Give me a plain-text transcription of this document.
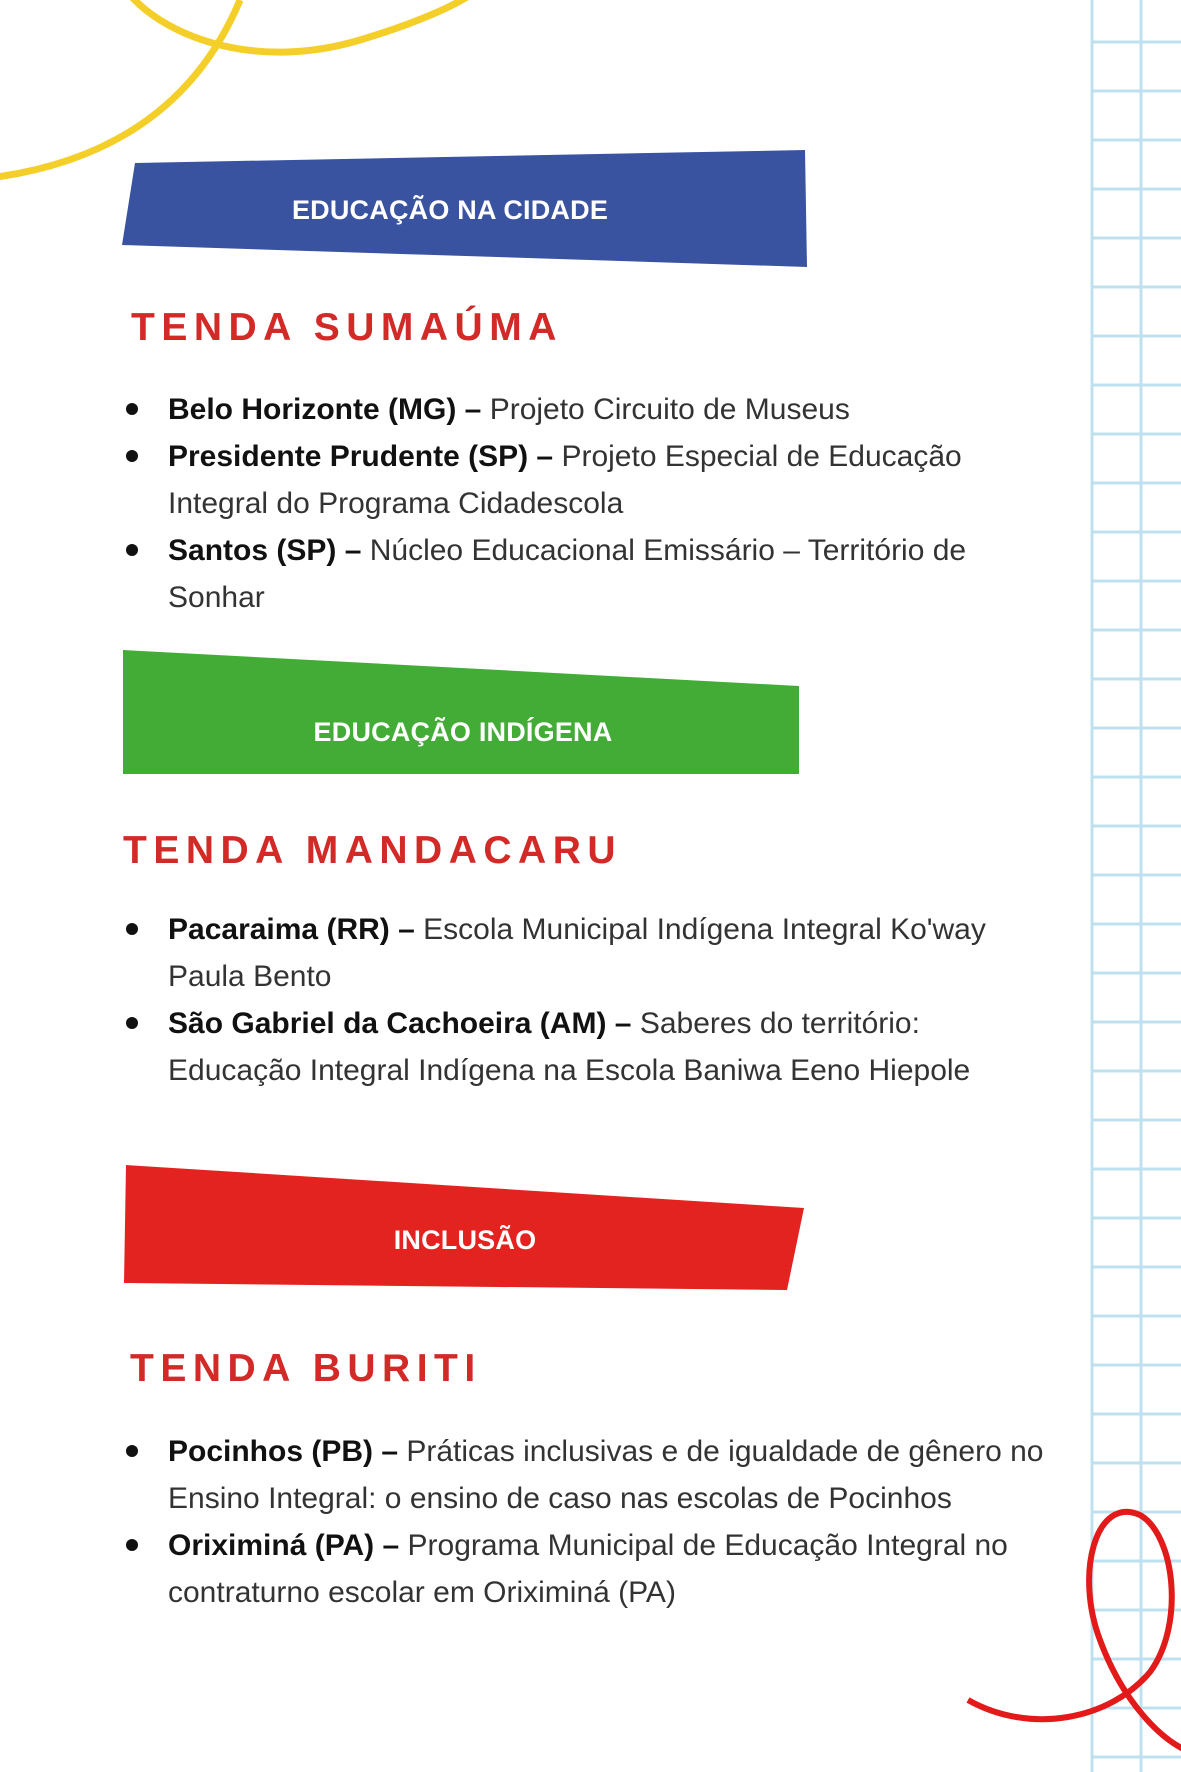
EDUCAÇÃO NA CIDADE
TENDA SUMAÚMA
Belo Horizonte (MG) – Projeto Circuito de Museus
Presidente Prudente (SP) – Projeto Especial de Educação Integral do Programa Cidadescola
Santos (SP) – Núcleo Educacional Emissário – Território de Sonhar
EDUCAÇÃO INDÍGENA
TENDA MANDACARU
Pacaraima (RR) – Escola Municipal Indígena Integral Ko'way Paula Bento
São Gabriel da Cachoeira (AM) – Saberes do território: Educação Integral Indígena na Escola Baniwa Eeno Hiepole
INCLUSÃO
TENDA BURITI
Pocinhos (PB) – Práticas inclusivas e de igualdade de gênero no Ensino Integral: o ensino de caso nas escolas de Pocinhos
Oriximiná (PA) – Programa Municipal de Educação Integral no contraturno escolar em Oriximiná (PA)
